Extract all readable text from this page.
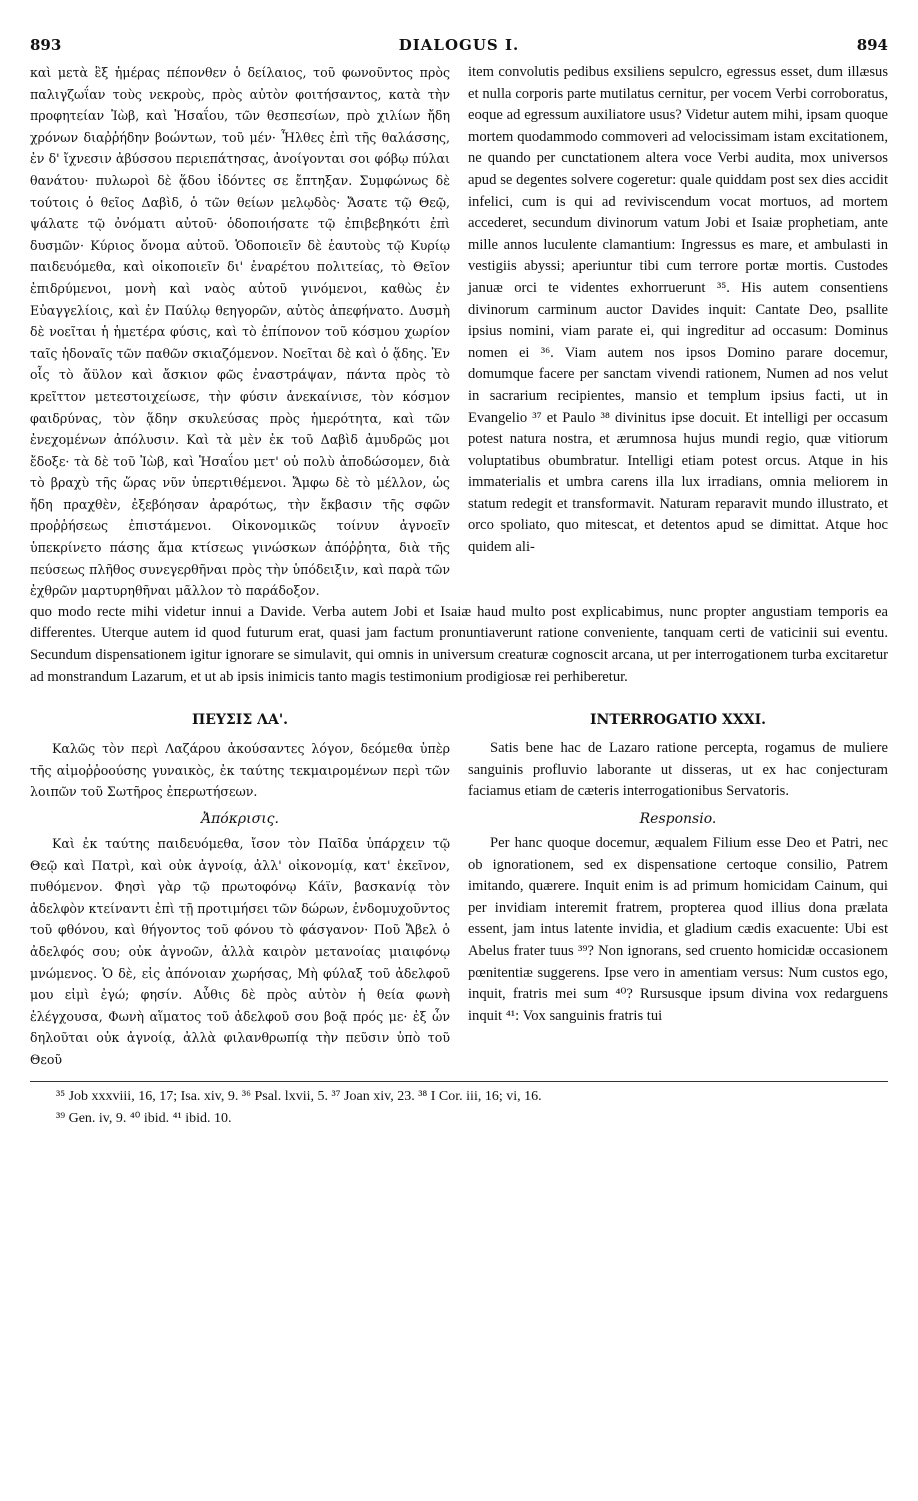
893	DIALOGUS I.	894

καὶ μετὰ ἓξ ἡμέρας πέπονθεν ὁ δείλαιος, τοῦ φωνοῦντος πρὸς παλιγζωΐαν τοὺς νεκροὺς, πρὸς αὐτὸν φοιτήσαντος, κατὰ τὴν προφητείαν Ἰὼβ, καὶ Ἡσαΐου, τῶν θεσπεσίων, πρὸ χιλίων ἤδη χρόνων διαῤῥήδην βοώντων, τοῦ μέν· Ἦλθες ἐπὶ τῆς θαλάσσης, ἐν δ' ἴχνεσιν ἀβύσσου περιεπάτησας, ἀνοίγονται σοι φόβῳ πύλαι θανάτου· πυλωροὶ δὲ ᾅδου ἰδόντες σε ἔπτηξαν. Συμφώνως δὲ τούτοις ὁ θεῖος Δαβὶδ, ὁ τῶν θείων μελῳδὸς· Ἄσατε τῷ Θεῷ, ψάλατε τῷ ὀνόματι αὐτοῦ· ὁδοποιήσατε τῷ ἐπιβεβηκότι ἐπὶ δυσμῶν· Κύριος ὄνομα αὐτοῦ. Ὁδοποιεῖν δὲ ἑαυτοὺς τῷ Κυρίῳ παιδευόμεθα, καὶ οἰκοποιεῖν δι' ἐναρέτου πολιτείας, τὸ Θεῖον ἐπιδρύμενοι, μονὴ καὶ ναὸς αὐτοῦ γινόμενοι, καθὼς ἐν Εὐαγγελίοις, καὶ ἐν Παύλῳ θεηγορῶν, αὐτὸς ἀπεφήνατο. Δυσμὴ δὲ νοεῖται ἡ ἡμετέρα φύσις, καὶ τὸ ἐπίπονον τοῦ κόσμου χωρίον ταῖς ἡδοναῖς τῶν παθῶν σκιαζόμενον. Νοεῖται δὲ καὶ ὁ ᾅδης. Ἐν οἷς τὸ ἄϋλον καὶ ἄσκιον φῶς ἐναστράψαν, πάντα πρὸς τὸ κρεῖττον μετεστοιχείωσε, τὴν φύσιν ἀνεκαίνισε, τὸν κόσμον φαιδρύνας, τὸν ᾅδην σκυλεύσας πρὸς ἡμερότητα, καὶ τῶν ἐνεχομένων ἀπόλυσιν. Καὶ τὰ μὲν ἐκ τοῦ Δαβὶδ ἀμυδρῶς μοι ἔδοξε· τὰ δὲ τοῦ Ἰὼβ, καὶ Ἡσαΐου μετ' οὐ πολὺ ἀποδώσομεν, διὰ τὸ βραχὺ τῆς ὥρας νῦν ὑπερτιθέμενοι. Ἄμφω δὲ τὸ μέλλον, ὡς ἤδη πραχθὲν, ἐξεβόησαν ἀραρότως, τὴν ἔκβασιν τῆς σφῶν προῤῥήσεως ἐπιστάμενοι. Οἰκονομικῶς τοίνυν ἀγνοεῖν ὑπεκρίνετο πάσης ἅμα κτίσεως γινώσκων ἀπόῤῥητα, διὰ τῆς πεύσεως πλῆθος συνεγερθῆναι πρὸς τὴν ὑπόδειξιν, καὶ παρὰ τῶν ἐχθρῶν μαρτυρηθῆναι μᾶλλον τὸ παράδοξον.

item convolutis pedibus exsiliens sepulcro, egressus esset, dum illæsus et nulla corporis parte mutilatus cernitur, per vocem Verbi corroboratus, eoque ad egressum auxiliatore usus? Videtur autem mihi, ipsam quoque mortem quodammodo commoveri ad velocissimam istam excitationem, ne quando per cunctationem altera voce Verbi audita, mox universos apud se degentes solvere cogeretur: quale quiddam post sex dies accidit infelici, cum is qui ad reviviscendum vocat mortuos, ad mortem accederet, secundum divinorum vatum Jobi et Isaiæ prophetiam, ante mille annos luculente clamantium: Ingressus es mare, et ambulasti in vestigiis abyssi; aperiuntur tibi cum terrore portæ mortis. Custodes januæ orci te videntes exhorruerunt ³⁵. His autem consentiens divinorum carminum auctor Davides inquit: Cantate Deo, psallite ipsius nomini, viam parate ei, qui ingreditur ad occasum: Dominus nomen ei ³⁶. Viam autem nos ipsos Domino parare docemur, domumque facere per sanctam vivendi rationem, Numen ad nos velut in sacrarium recipientes, mansio et templum ipsius facti, ut in Evangelio ³⁷ et Paulo ³⁸ divinitus ipse docuit. Et intelligi per occasum potest natura nostra, et ærumnosa hujus mundi regio, quæ vitiorum voluptatibus obumbratur. Intelligi etiam potest orcus. Atque in his immaterialis et umbra carens illa lux irradians, omnia meliorem in statum redegit et transformavit. Naturam reparavit mundo illustrato, et orco spoliato, quo mitescat, et detentos apud se dimittat. Atque hoc quidem ali-

quo modo recte mihi videtur innui a Davide. Verba autem Jobi et Isaiæ haud multo post explicabimus, nunc propter angustiam temporis ea differentes. Uterque autem id quod futurum erat, quasi jam factum pronuntiaverunt ratione conveniente, tanquam certi de vaticinii sui eventu. Secundum dispensationem igitur ignorare se simulavit, qui omnis in universum creaturæ cognoscit arcana, ut per interrogationem turba excitaretur ad monstrandum Lazarum, et ut ab ipsis inimicis tanto magis testimonium prodigiosæ rei perhiberetur.

ΠΕΥΣΙΣ ΛΑ'.

Καλῶς τὸν περὶ Λαζάρου ἀκούσαντες λόγον, δεόμεθα ὑπὲρ τῆς αἱμοῤῥοούσης γυναικὸς, ἐκ ταύτης τεκμαιρομένων περὶ τῶν λοιπῶν τοῦ Σωτῆρος ἐπερωτήσεων.

Ἀπόκρισις.

Καὶ ἐκ ταύτης παιδευόμεθα, ἴσον τὸν Παῖδα ὑπάρχειν τῷ Θεῷ καὶ Πατρὶ, καὶ οὐκ ἀγνοίᾳ, ἀλλ' οἰκονομίᾳ, κατ' ἐκεῖνον, πυθόμενον. Φησὶ γὰρ τῷ πρωτοφόνῳ Κάϊν, βασκανίᾳ τὸν ἀδελφὸν κτείναντι ἐπὶ τῇ προτιμήσει τῶν δώρων, ἐνδομυχοῦντος τοῦ φθόνου, καὶ θήγοντος τοῦ φόνου τὸ φάσγανον· Ποῦ Ἄβελ ὁ ἀδελφός σου; οὐκ ἀγνοῶν, ἀλλὰ καιρὸν μετανοίας μιαιφόνῳ μνώμενος. Ὁ δὲ, εἰς ἀπόνοιαν χωρήσας, Μὴ φύλαξ τοῦ ἀδελφοῦ μου εἰμὶ ἐγώ; φησίν. Αὖθις δὲ πρὸς αὐτὸν ἡ θεία φωνὴ ἐλέγχουσα, Φωνὴ αἵματος τοῦ ἀδελφοῦ σου βοᾷ πρός με· ἐξ ὧν δηλοῦται οὐκ ἀγνοίᾳ, ἀλλὰ φιλανθρωπίᾳ τὴν πεῦσιν ὑπὸ τοῦ Θεοῦ

INTERROGATIO XXXI.

Satis bene hac de Lazaro ratione percepta, rogamus de muliere sanguinis profluvio laborante ut disseras, ut ex hac conjecturam faciamus etiam de cæteris interrogationibus Servatoris.

Responsio.

Per hanc quoque docemur, æqualem Filium esse Deo et Patri, nec ob ignorationem, sed ex dispensatione certoque consilio, Patrem imitando, quærere. Inquit enim is ad primum homicidam Cainum, qui per invidiam interemit fratrem, propterea quod illius dona prælata essent, jam intus latente invidia, et gladium cædis exacuente: Ubi est Abelus frater tuus ³⁹? Non ignorans, sed cruento homicidæ occasionem pœnitentiæ suggerens. Ipse vero in amentiam versus: Num custos ego, inquit, fratris mei sum ⁴⁰? Rursusque ipsum divina vox redarguens inquit ⁴¹: Vox sanguinis fratris tui

³⁵ Job xxxviii, 16, 17; Isa. xiv, 9. ³⁶ Psal. lxvii, 5. ³⁷ Joan xiv, 23. ³⁸ I Cor. iii, 16; vi, 16.
³⁹ Gen. iv, 9. ⁴⁰ ibid. ⁴¹ ibid. 10.
